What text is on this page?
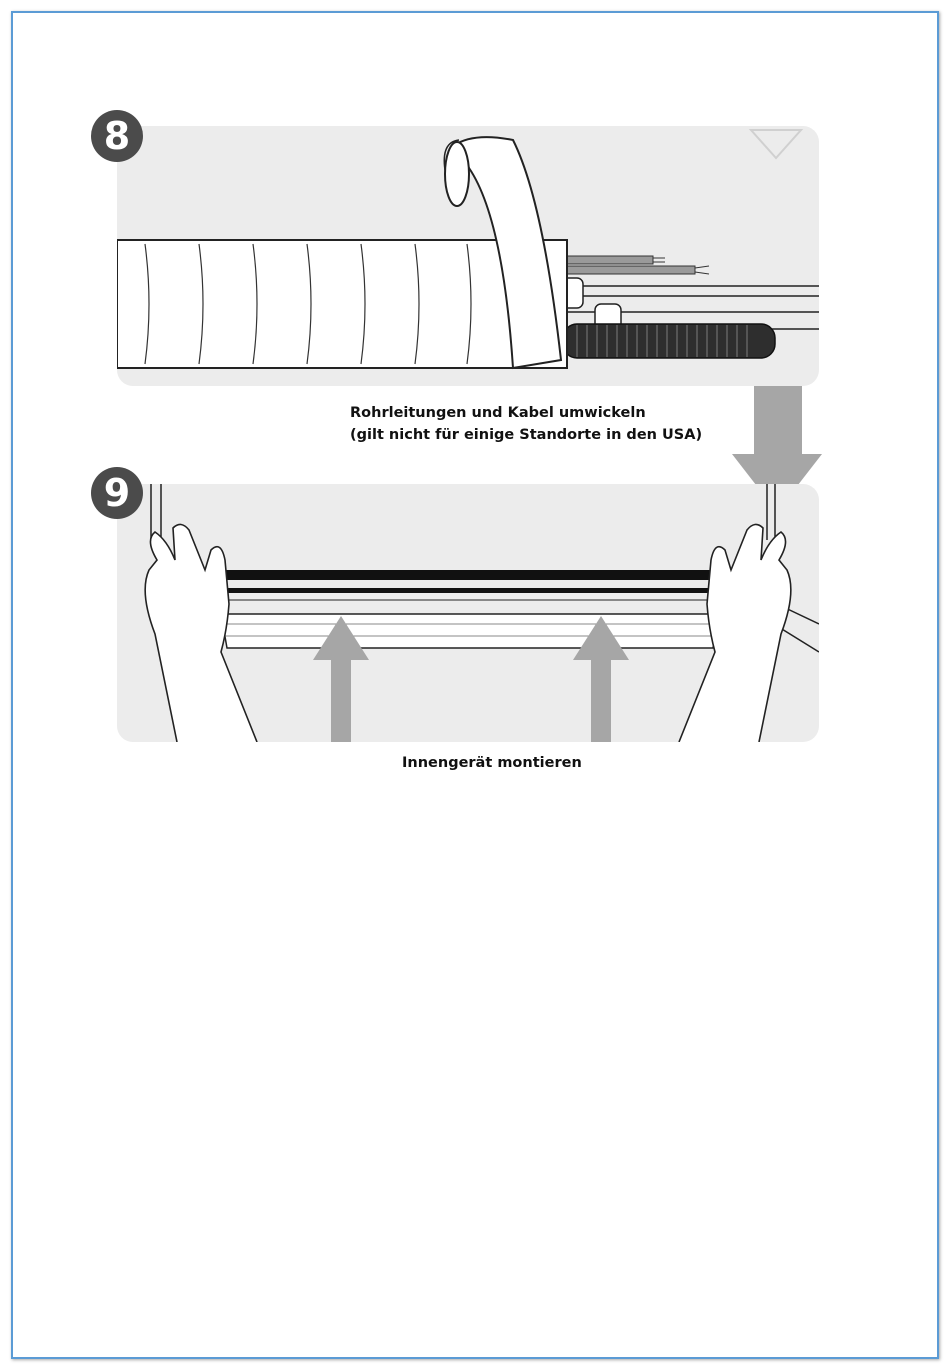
8
Rohrleitungen und Kabel umwickeln
(gilt nicht für einige Standorte in den USA)
9
Innengerät montieren
